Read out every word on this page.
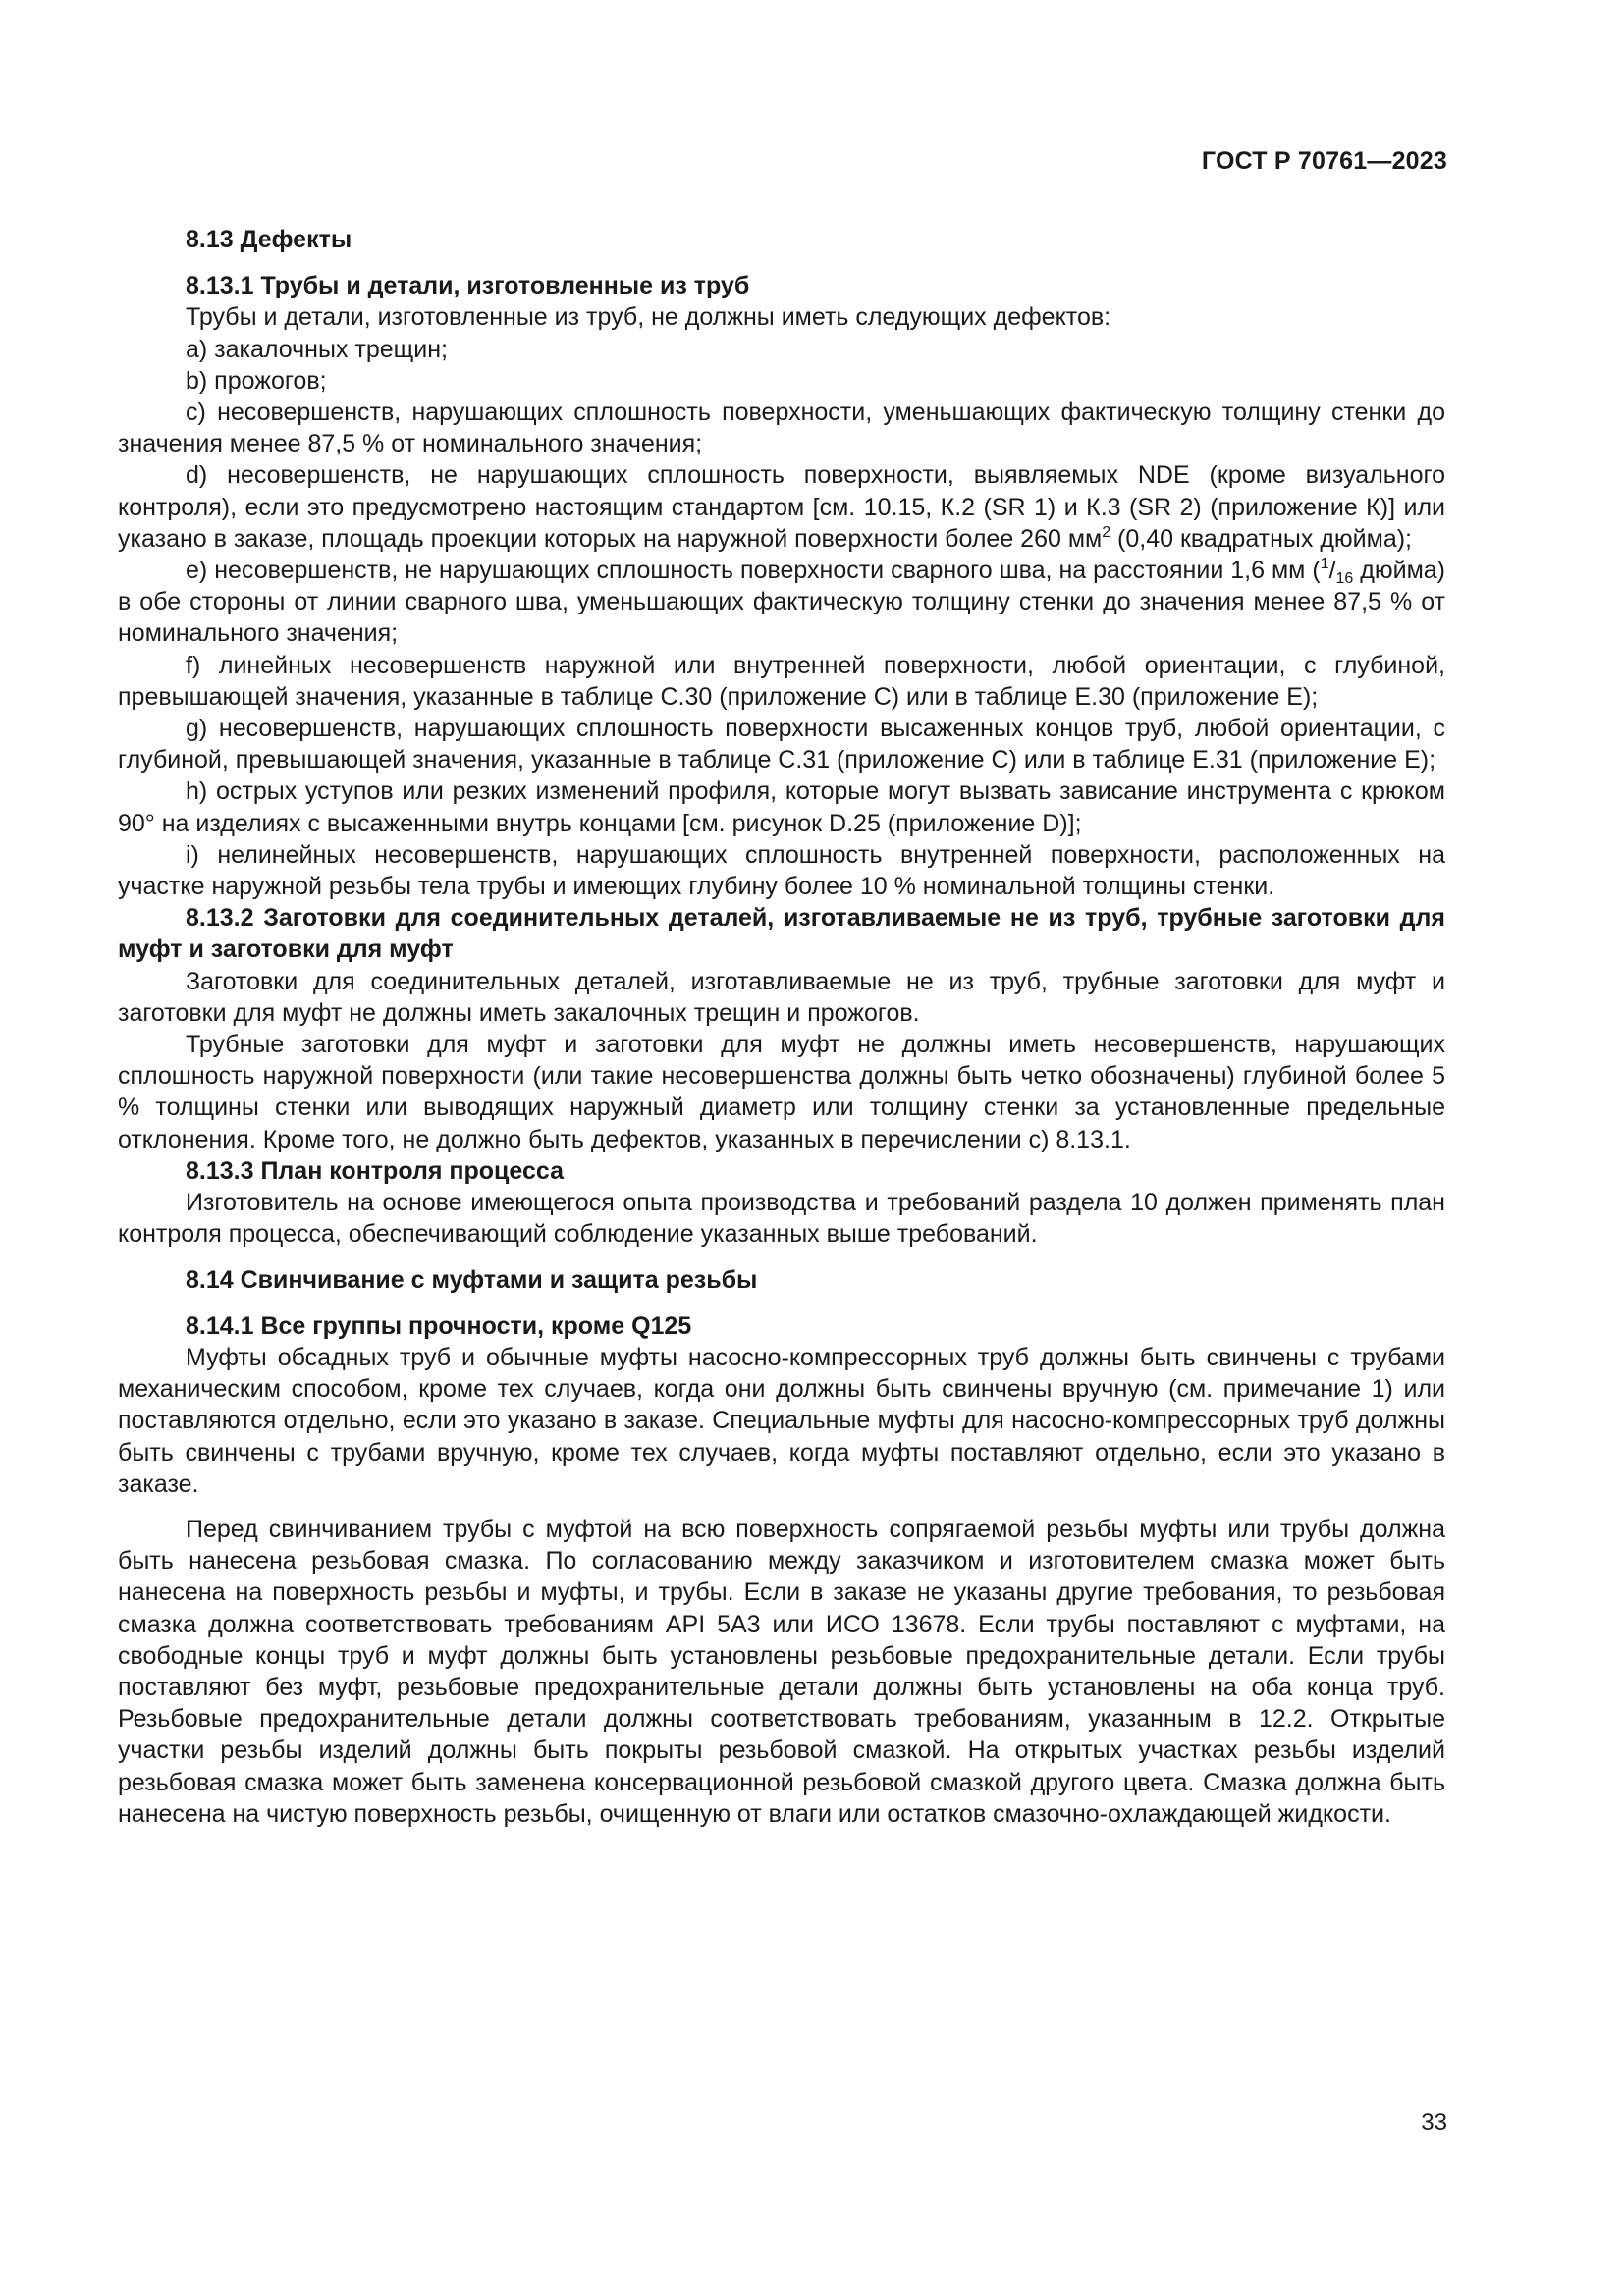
ГОСТ Р 70761—2023

8.13 Дефекты

8.13.1 Трубы и детали, изготовленные из труб

Трубы и детали, изготовленные из труб, не должны иметь следующих дефектов:

a) закалочных трещин;

b) прожогов;

c) несовершенств, нарушающих сплошность поверхности, уменьшающих фактическую толщину стенки до значения менее 87,5 % от номинального значения;

d) несовершенств, не нарушающих сплошность поверхности, выявляемых NDE (кроме визуального контроля), если это предусмотрено настоящим стандартом [см. 10.15, К.2 (SR 1) и К.3 (SR 2) (приложение К)] или указано в заказе, площадь проекции которых на наружной поверхности более 260 $мм^2$ (0,40 квадратных дюйма);

e) несовершенств, не нарушающих сплошность поверхности сварного шва, на расстоянии 1,6 мм ($^1/_{16}$ дюйма) в обе стороны от линии сварного шва, уменьшающих фактическую толщину стенки до значения менее 87,5 % от номинального значения;

f) линейных несовершенств наружной или внутренней поверхности, любой ориентации, с глубиной, превышающей значения, указанные в таблице С.30 (приложение С) или в таблице Е.30 (приложение Е);

g) несовершенств, нарушающих сплошность поверхности высаженных концов труб, любой ориентации, с глубиной, превышающей значения, указанные в таблице С.31 (приложение С) или в таблице Е.31 (приложение Е);

h) острых уступов или резких изменений профиля, которые могут вызвать зависание инструмента с крюком 90° на изделиях с высаженными внутрь концами [см. рисунок D.25 (приложение D)];

i) нелинейных несовершенств, нарушающих сплошность внутренней поверхности, расположенных на участке наружной резьбы тела трубы и имеющих глубину более 10 % номинальной толщины стенки.

8.13.2 Заготовки для соединительных деталей, изготавливаемые не из труб, трубные заготовки для муфт и заготовки для муфт

Заготовки для соединительных деталей, изготавливаемые не из труб, трубные заготовки для муфт и заготовки для муфт не должны иметь закалочных трещин и прожогов.

Трубные заготовки для муфт и заготовки для муфт не должны иметь несовершенств, нарушающих сплошность наружной поверхности (или такие несовершенства должны быть четко обозначены) глубиной более 5 % толщины стенки или выводящих наружный диаметр или толщину стенки за установленные предельные отклонения. Кроме того, не должно быть дефектов, указанных в перечислении с) 8.13.1.

8.13.3 План контроля процесса

Изготовитель на основе имеющегося опыта производства и требований раздела 10 должен применять план контроля процесса, обеспечивающий соблюдение указанных выше требований.

8.14 Свинчивание с муфтами и защита резьбы

8.14.1 Все группы прочности, кроме Q125

Муфты обсадных труб и обычные муфты насосно-компрессорных труб должны быть свинчены с трубами механическим способом, кроме тех случаев, когда они должны быть свинчены вручную (см. примечание 1) или поставляются отдельно, если это указано в заказе. Специальные муфты для насосно-компрессорных труб должны быть свинчены с трубами вручную, кроме тех случаев, когда муфты поставляют отдельно, если это указано в заказе.

Перед свинчиванием трубы с муфтой на всю поверхность сопрягаемой резьбы муфты или трубы должна быть нанесена резьбовая смазка. По согласованию между заказчиком и изготовителем смазка может быть нанесена на поверхность резьбы и муфты, и трубы. Если в заказе не указаны другие требования, то резьбовая смазка должна соответствовать требованиям API 5A3 или ИСО 13678. Если трубы поставляют с муфтами, на свободные концы труб и муфт должны быть установлены резьбовые предохранительные детали. Если трубы поставляют без муфт, резьбовые предохранительные детали должны быть установлены на оба конца труб. Резьбовые предохранительные детали должны соответствовать требованиям, указанным в 12.2. Открытые участки резьбы изделий должны быть покрыты резьбовой смазкой. На открытых участках резьбы изделий резьбовая смазка может быть заменена консервационной резьбовой смазкой другого цвета. Смазка должна быть нанесена на чистую поверхность резьбы, очищенную от влаги или остатков смазочно-охлаждающей жидкости.

33
